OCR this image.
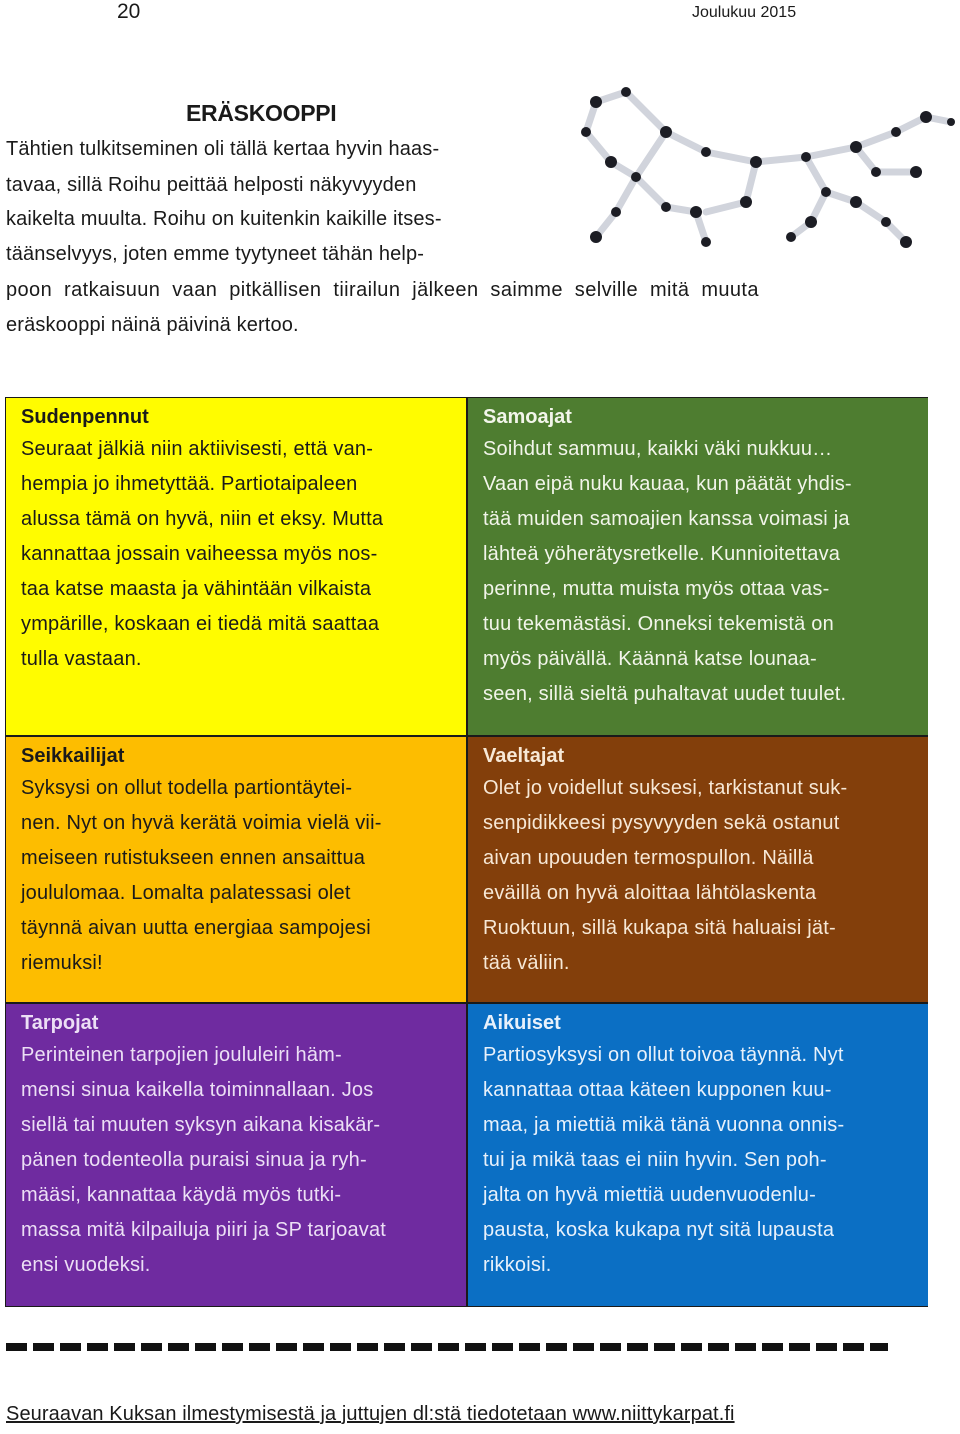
20	Joulukuu 2015
ERÄSKOOPPI
Tähtien tulkitseminen oli tällä kertaa hyvin haas-
tavaa, sillä Roihu peittää helposti näkyvyyden
kaikelta muulta. Roihu on kuitenkin kaikille itses-
täänselvyys, joten emme tyytyneet tähän help-
poon ratkaisuun vaan pitkällisen tiirailun jälkeen saimme selville mitä muuta
eräskooppi näinä päivinä kertoo.
Sudenpennut
Seuraat jälkiä niin aktiivisesti, että van-
hempia jo ihmetyttää. Partiotaipaleen
alussa tämä on hyvä, niin et eksy. Mutta
kannattaa jossain vaiheessa myös nos-
taa katse maasta ja vähintään vilkaista
ympärille, koskaan ei tiedä mitä saattaa
tulla vastaan.
Samoajat
Soihdut sammuu, kaikki väki nukkuu…
Vaan eipä nuku kauaa, kun päätät yhdis-
tää muiden samoajien kanssa voimasi ja
lähteä yöherätysretkelle. Kunnioitettava
perinne, mutta muista myös ottaa vas-
tuu tekemästäsi. Onneksi tekemistä on
myös päivällä. Käännä katse lounaa-
seen, sillä sieltä puhaltavat uudet tuulet.
Seikkailijat
Syksysi on ollut todella partiontäytei-
nen. Nyt on hyvä kerätä voimia vielä vii-
meiseen rutistukseen ennen ansaittua
joululomaa. Lomalta palatessasi olet
täynnä aivan uutta energiaa sampojesi
riemuksi!
Vaeltajat
Olet jo voidellut suksesi, tarkistanut suk-
senpidikkeesi pysyvyyden sekä ostanut
aivan upouuden termospullon. Näillä
eväillä on hyvä aloittaa lähtölaskenta
Ruoktuun, sillä kukapa sitä haluaisi jät-
tää väliin.
Tarpojat
Perinteinen tarpojien joululeiri häm-
mensi sinua kaikella toiminnallaan. Jos
siellä tai muuten syksyn aikana kisakär-
pänen todenteolla puraisi sinua ja ryh-
määsi, kannattaa käydä myös tutki-
massa mitä kilpailuja piiri ja SP tarjoavat
ensi vuodeksi.
Aikuiset
Partiosyksysi on ollut toivoa täynnä. Nyt
kannattaa ottaa käteen kupponen kuu-
maa, ja miettiä mikä tänä vuonna onnis-
tui ja mikä taas ei niin hyvin. Sen poh-
jalta on hyvä miettiä uudenvuodenlu-
pausta, koska kukapa nyt sitä lupausta
rikkoisi.
Seuraavan Kuksan ilmestymisestä ja juttujen dl:stä tiedotetaan www.niittykarpat.fi
